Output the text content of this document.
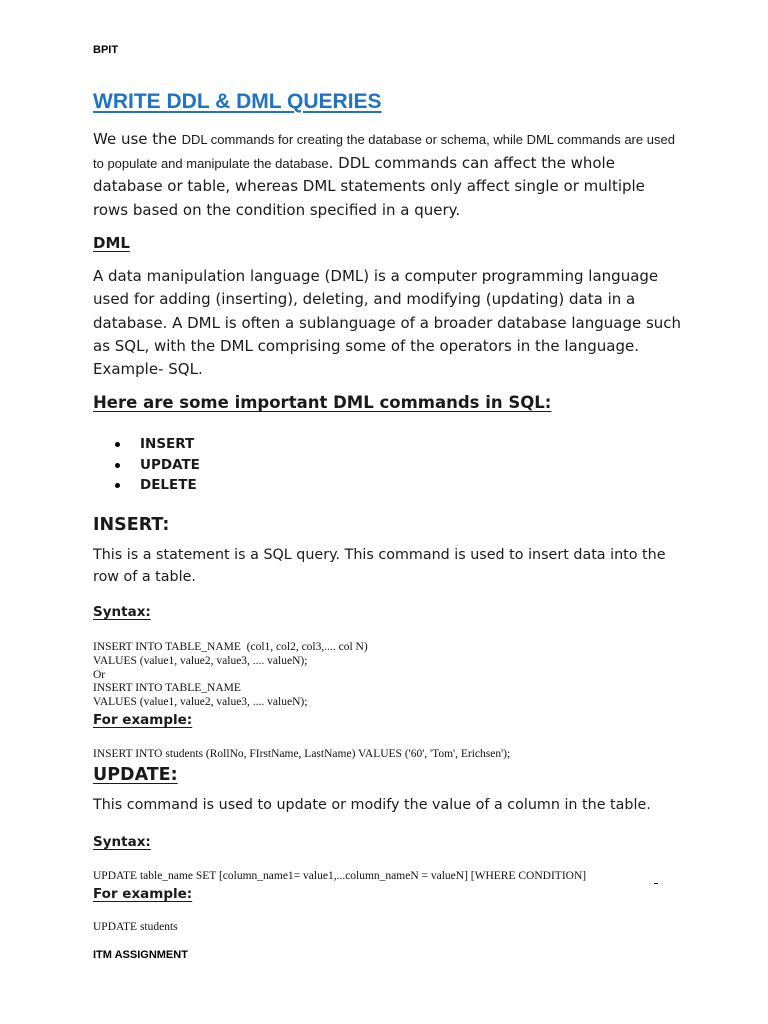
BPIT
WRITE DDL & DML QUERIES
We use the DDL commands for creating the database or schema, while DML commands are used to populate and manipulate the database. DDL commands can affect the whole database or table, whereas DML statements only affect single or multiple rows based on the condition specified in a query.
DML
A data manipulation language (DML) is a computer programming language used for adding (inserting), deleting, and modifying (updating) data in a database. A DML is often a sublanguage of a broader database language such as SQL, with the DML comprising some of the operators in the language. Example- SQL.
Here are some important DML commands in SQL:
INSERT
UPDATE
DELETE
INSERT:
This is a statement is a SQL query. This command is used to insert data into the row of a table.
Syntax:
INSERT INTO TABLE_NAME  (col1, col2, col3,.... col N)
VALUES (value1, value2, value3, .... valueN);
Or
INSERT INTO TABLE_NAME
VALUES (value1, value2, value3, .... valueN);
For example:
INSERT INTO students (RollNo, FIrstName, LastName) VALUES ('60', 'Tom', Erichsen');
UPDATE:
This command is used to update or modify the value of a column in the table.
Syntax:
UPDATE table_name SET [column_name1= value1,...column_nameN = valueN] [WHERE CONDITION]
For example:
UPDATE students
ITM ASSIGNMENT
